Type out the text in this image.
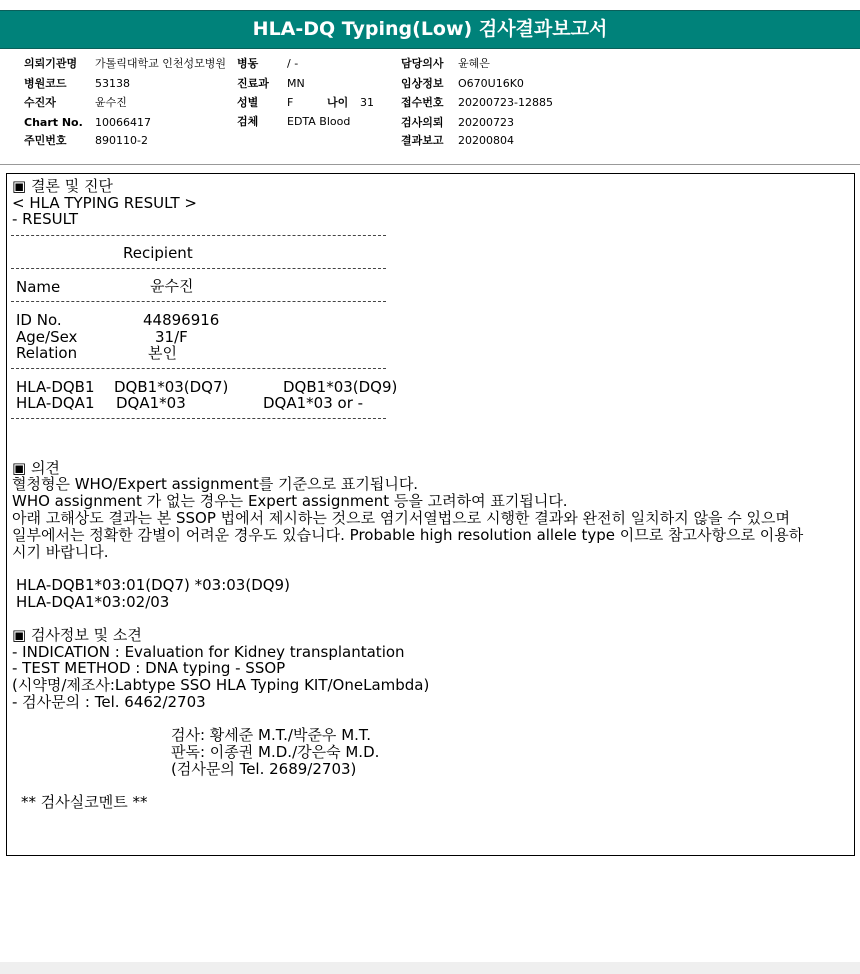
HLA-DQ Typing(Low) 검사결과보고서
의뢰기관명 가톨릭대학교 인천성모병원
병원코드	53138
수진자	윤수진
Chart No. 10066417
주민번호	890110-2
병동	/ -
진료과 MN
성별	F	나이 31
검체	EDTA Blood
담당의사 윤혜은
임상정보 O670U16K0
접수번호 20200723-12885
검사의뢰 20200723
결과보고 20200804
▣ 결론 및 진단
< HLA TYPING RESULT >
- RESULT
Recipient
Name	윤수진
ID No.	44896916
Age/Sex	31/F
Relation	본인
HLA-DQB1 DQB1*03(DQ7)	DQB1*03(DQ9)
HLA-DQA1 DQA1*03	DQA1*03 or -
▣ 의견
혈청형은 WHO/Expert assignment를 기준으로 표기됩니다.
WHO assignment 가 없는 경우는 Expert assignment 등을 고려하여 표기됩니다.
아래 고해상도 결과는 본 SSOP 법에서 제시하는 것으로 염기서열법으로 시행한 결과와 완전히 일치하지 않을 수 있으며
일부에서는 정확한 감별이 어려운 경우도 있습니다. Probable high resolution allele type 이므로 참고사항으로 이용하
시기 바랍니다.
HLA-DQB1*03:01(DQ7) *03:03(DQ9)
HLA-DQA1*03:02/03
▣ 검사정보 및 소견
- INDICATION : Evaluation for Kidney transplantation
- TEST METHOD : DNA typing - SSOP
(시약명/제조사:Labtype SSO HLA Typing KIT/OneLambda)
- 검사문의 : Tel. 6462/2703
검사: 황세준 M.T./박준우 M.T.
판독: 이종권 M.D./강은숙 M.D.
(검사문의 Tel. 2689/2703)
** 검사실코멘트 **
